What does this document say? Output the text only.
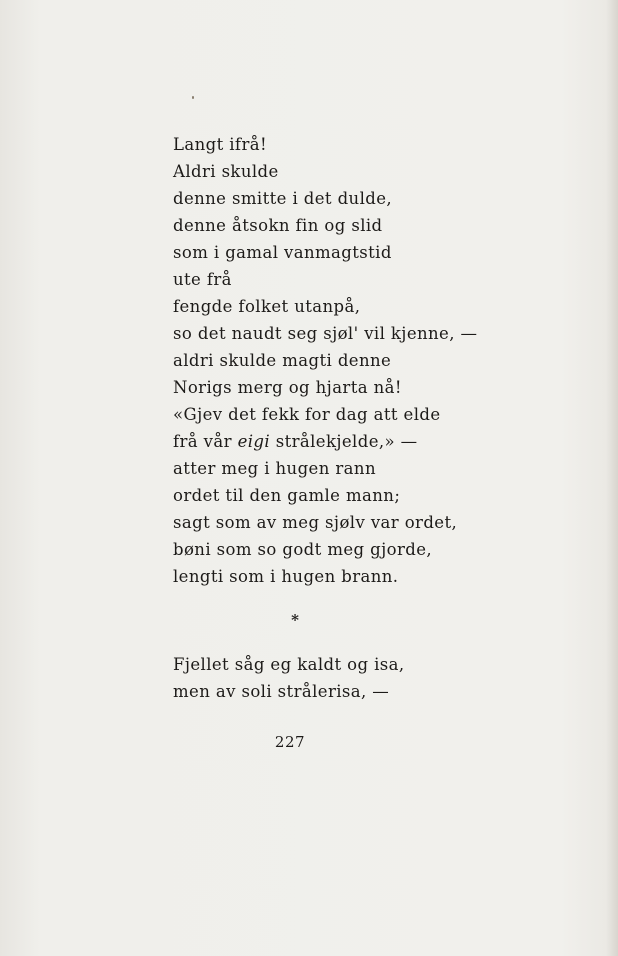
Langt ifrå!
Aldri skulde
denne smitte i det dulde,
denne åtsokn fin og slid
som i gamal vanmagtstid
ute frå
fengde folket utanpå,
so det naudt seg sjøl' vil kjenne, —
aldri skulde magti denne
Norigs merg og hjarta nå!
«Gjev det fekk for dag att elde
frå vår eigi strålekjelde,» —
atter meg i hugen rann
ordet til den gamle mann;
sagt som av meg sjølv var ordet,
bøni som so godt meg gjorde,
lengti som i hugen brann.
*
Fjellet såg eg kaldt og isa,
men av soli strålerisa, —
227
